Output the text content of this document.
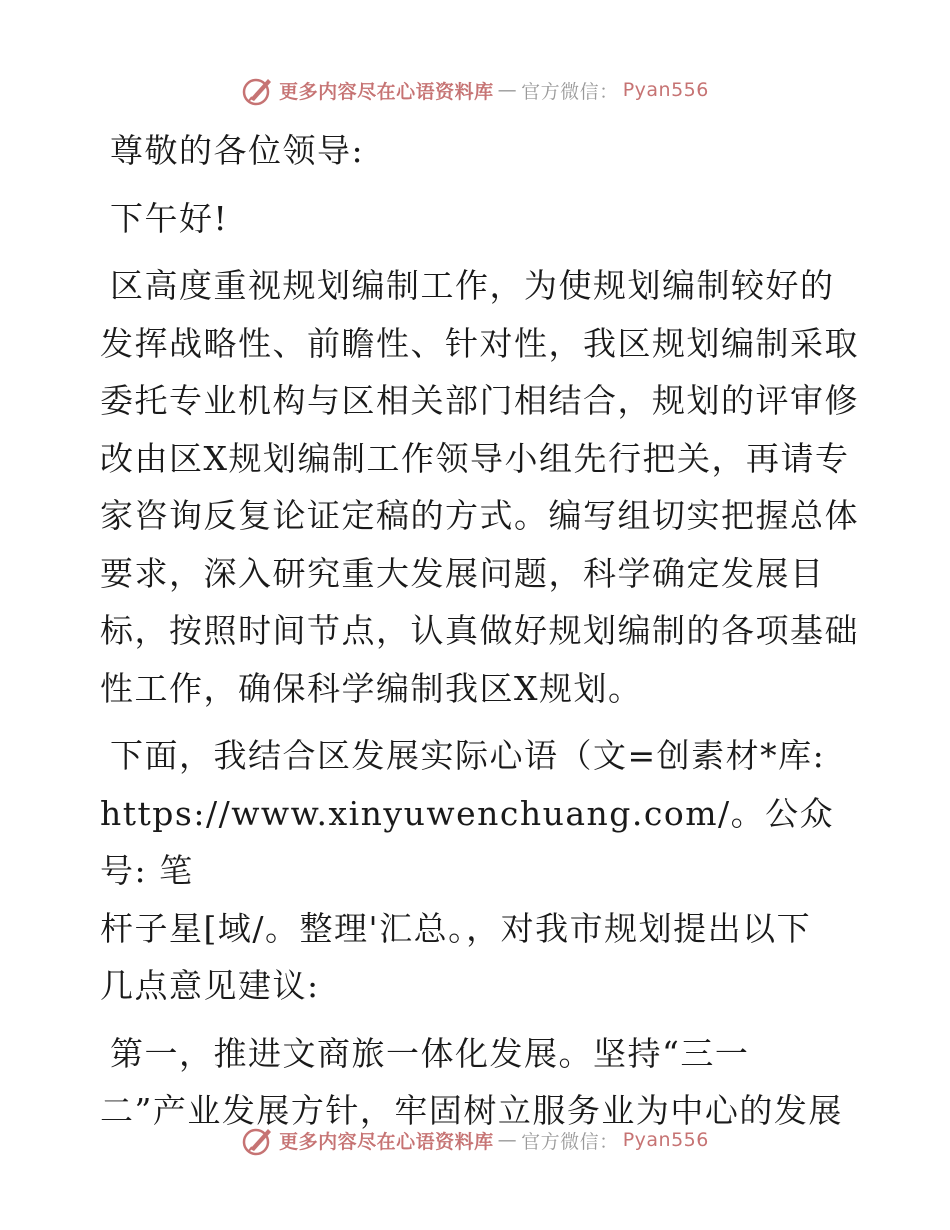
更多内容尽在心语资料库 — 官方微信： Pyan556

尊敬的各位领导:

下午好!

区高度重视规划编制工作，为使规划编制较好的
发挥战略性、前瞻性、针对性，我区规划编制采取
委托专业机构与区相关部门相结合，规划的评审修
改由区X规划编制工作领导小组先行把关，再请专
家咨询反复论证定稿的方式。编写组切实把握总体
要求，深入研究重大发展问题，科学确定发展目
标，按照时间节点，认真做好规划编制的各项基础
性工作，确保科学编制我区X规划。
下面，我结合区发展实际心语（文=创素材*库:
https://www.xinyuwenchuang.com/。公众号: 笔
杆子星[域/。整理'汇总。，对我市规划提出以下
几点意见建议:
第一，推进文商旅一体化发展。坚持“三一
二”产业发展方针，牢固树立服务业为中心的发展
更多内容尽在心语资料库 — 官方微信： Pyan556
